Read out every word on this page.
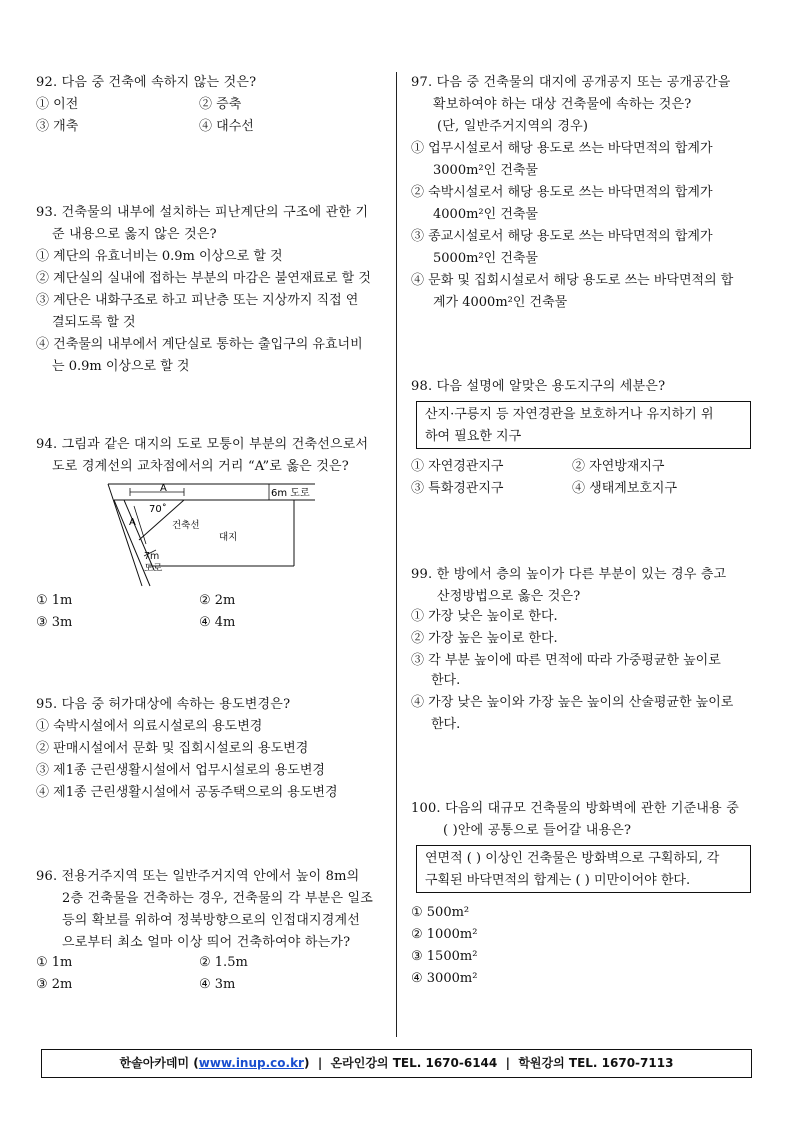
92. 다음 중 건축에 속하지 않는 것은?
① 이전	② 증축
③ 개축	④ 대수선
93. 건축물의 내부에 설치하는 피난계단의 구조에 관한 기
준 내용으로 옳지 않은 것은?
① 계단의 유효너비는 0.9m 이상으로 할 것
② 계단실의 실내에 접하는 부분의 마감은 불연재료로 할 것
③ 계단은 내화구조로 하고 피난층 또는 지상까지 직접 연
결되도록 할 것
④ 건축물의 내부에서 계단실로 통하는 출입구의 유효너비
는 0.9m 이상으로 할 것
94. 그림과 같은 대지의 도로 모퉁이 부분의 건축선으로서
도로 경계선의 교차점에서의 거리 “A”로 옳은 것은?
A
A
70˚
건축선
대지
6m 도로
7m 도로
① 1m	② 2m
③ 3m	④ 4m
95. 다음 중 허가대상에 속하는 용도변경은?
① 숙박시설에서 의료시설로의 용도변경
② 판매시설에서 문화 및 집회시설로의 용도변경
③ 제1종 근린생활시설에서 업무시설로의 용도변경
④ 제1종 근린생활시설에서 공동주택으로의 용도변경
96. 전용거주지역 또는 일반주거지역 안에서 높이 8m의
2층 건축물을 건축하는 경우, 건축물의 각 부분은 일조
등의 확보를 위하여 정북방향으로의 인접대지경계선
으로부터 최소 얼마 이상 띄어 건축하여야 하는가?
① 1m	② 1.5m
③ 2m	④ 3m
97. 다음 중 건축물의 대지에 공개공지 또는 공개공간을
확보하여야 하는 대상 건축물에 속하는 것은?
(단, 일반주거지역의 경우)
① 업무시설로서 해당 용도로 쓰는 바닥면적의 합계가
3000m²인 건축물
② 숙박시설로서 해당 용도로 쓰는 바닥면적의 합계가
4000m²인 건축물
③ 종교시설로서 해당 용도로 쓰는 바닥면적의 합계가
5000m²인 건축물
④ 문화 및 집회시설로서 해당 용도로 쓰는 바닥면적의 합
계가 4000m²인 건축물
98. 다음 설명에 알맞은 용도지구의 세분은?
산지·구릉지 등 자연경관을 보호하거나 유지하기 위
하여 필요한 지구
① 자연경관지구	② 자연방재지구
③ 특화경관지구	④ 생태계보호지구
99. 한 방에서 층의 높이가 다른 부분이 있는 경우 층고
산정방법으로 옳은 것은?
① 가장 낮은 높이로 한다.
② 가장 높은 높이로 한다.
③ 각 부분 높이에 따른 면적에 따라 가중평균한 높이로
한다.
④ 가장 낮은 높이와 가장 높은 높이의 산술평균한 높이로
한다.
100. 다음의 대규모 건축물의 방화벽에 관한 기준내용 중
( )안에 공통으로 들어갈 내용은?
연면적 ( ) 이상인 건축물은 방화벽으로 구획하되, 각
구획된 바닥면적의 합계는 ( ) 미만이어야 한다.
① 500m²
② 1000m²
③ 1500m²
④ 3000m²
한솔아카데미 (www.inup.co.kr)  |  온라인강의 TEL. 1670-6144  |  학원강의 TEL. 1670-7113
